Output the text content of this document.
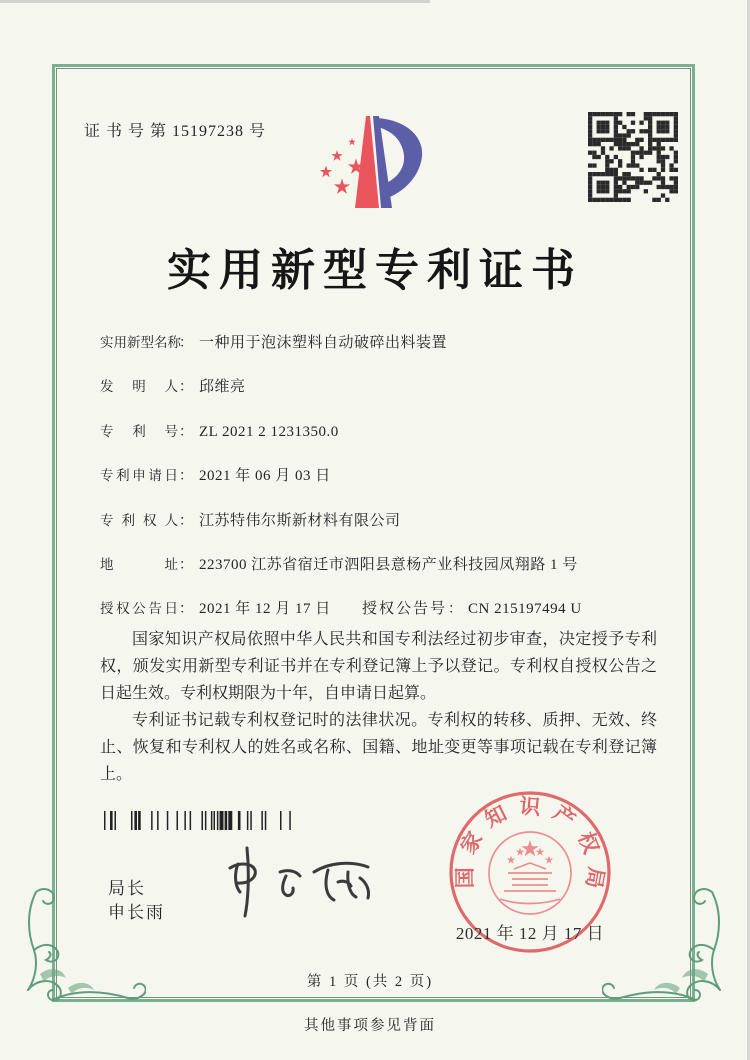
证 书 号 第 15197238 号
实用新型专利证书
实用新型名称： 一种用于泡沫塑料自动破碎出料装置
发明人： 邱维亮
专利号： ZL 2021 2 1231350.0
专利申请日： 2021 年 06 月 03 日
专利权人： 江苏特伟尔斯新材料有限公司
地址： 223700 江苏省宿迁市泗阳县意杨产业科技园凤翔路 1 号
授权公告日： 2021 年 12 月 17 日 授权公告号： CN 215197494 U

国家知识产权局依照中华人民共和国专利法经过初步审查，决定授予专利权，颁发实用新型专利证书并在专利登记簿上予以登记。专利权自授权公告之日起生效。专利权期限为十年，自申请日起算。

专利证书记载专利权登记时的法律状况。专利权的转移、质押、无效、终止、恢复和专利权人的姓名或名称、国籍、地址变更等事项记载在专利登记簿上。

局长
申长雨
国家知识产权局
2021 年 12 月 17 日
第 1 页 (共 2 页)
其他事项参见背面
